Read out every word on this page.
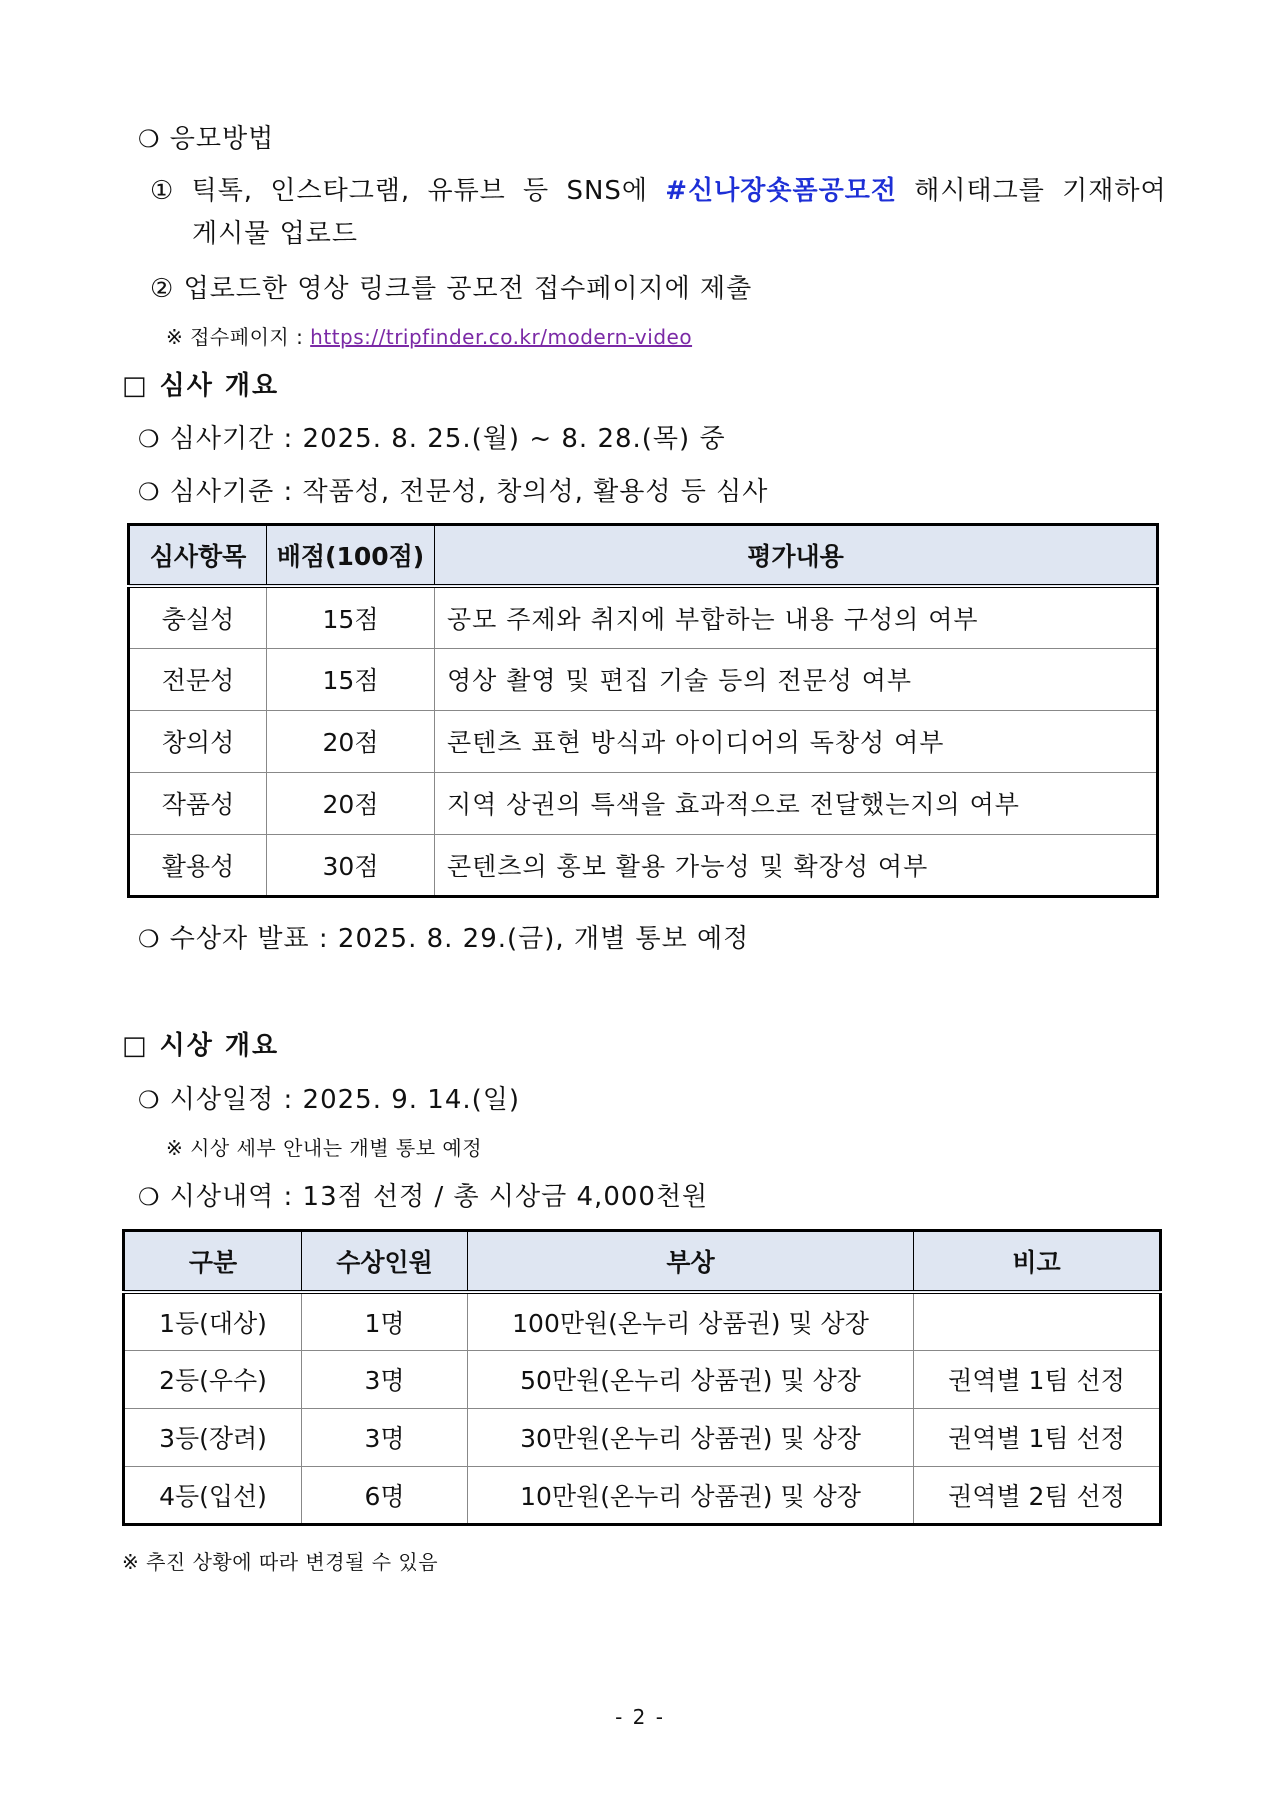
❍ 응모방법
① 틱톡, 인스타그램, 유튜브 등 SNS에 #신나장숏폼공모전 해시태그를 기재하여
게시물 업로드
② 업로드한 영상 링크를 공모전 접수페이지에 제출
※ 접수페이지 : https://tripfinder.co.kr/modern-video
□ 심사 개요
❍ 심사기간 : 2025. 8. 25.(월) ~ 8. 28.(목) 중
❍ 심사기준 : 작품성, 전문성, 창의성, 활용성 등 심사
심사항목	배점(100점)	평가내용
충실성	15점	공모 주제와 취지에 부합하는 내용 구성의 여부
전문성	15점	영상 촬영 및 편집 기술 등의 전문성 여부
창의성	20점	콘텐츠 표현 방식과 아이디어의 독창성 여부
작품성	20점	지역 상권의 특색을 효과적으로 전달했는지의 여부
활용성	30점	콘텐츠의 홍보 활용 가능성 및 확장성 여부
❍ 수상자 발표 : 2025. 8. 29.(금), 개별 통보 예정
□ 시상 개요
❍ 시상일정 : 2025. 9. 14.(일)
※ 시상 세부 안내는 개별 통보 예정
❍ 시상내역 : 13점 선정 / 총 시상금 4,000천원
구분	수상인원	부상	비고
1등(대상)	1명	100만원(온누리 상품권) 및 상장	
2등(우수)	3명	50만원(온누리 상품권) 및 상장	권역별 1팀 선정
3등(장려)	3명	30만원(온누리 상품권) 및 상장	권역별 1팀 선정
4등(입선)	6명	10만원(온누리 상품권) 및 상장	권역별 2팀 선정
※ 추진 상황에 따라 변경될 수 있음
- 2 -
